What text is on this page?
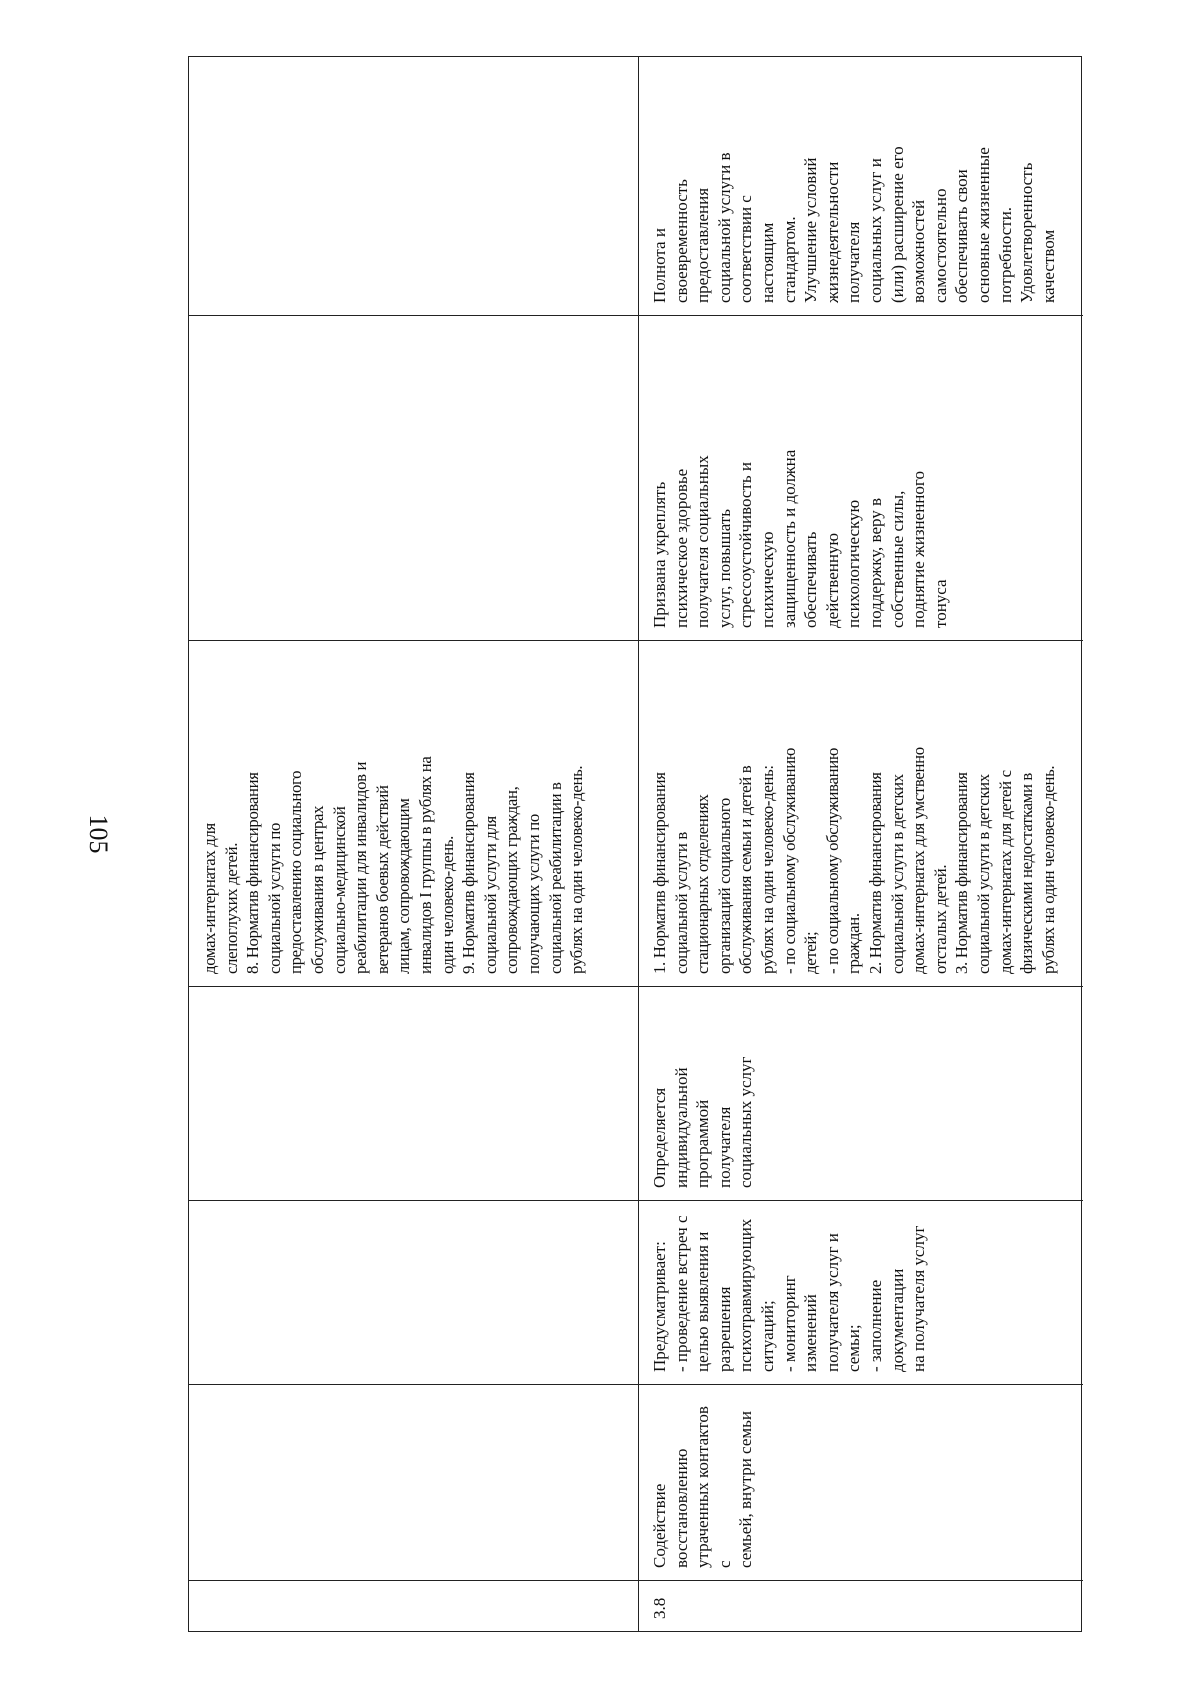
105
домах-интернатах для
слепоглухих детей.
8. Норматив финансирования
социальной услуги по
предоставлению социального
обслуживания в центрах
социально-медицинской
реабилитации для инвалидов и
ветеранов боевых действий
лицам, сопровождающим
инвалидов I группы в рублях на
один человеко-день.
9. Норматив финансирования
социальной услуги для
сопровождающих граждан,
получающих услуги по
социальной реабилитации в
рублях на один человеко-день.
3.8
Содействие
восстановлению
утраченных контактов с
семьей, внутри семьи
Предусматривает:
- проведение встреч с
целью выявления и
разрешения
психотравмирующих
ситуаций;
- мониторинг изменений
получателя услуг и семьи;
- заполнение документации
на получателя услуг
Определяется
индивидуальной
программой
получателя
социальных услуг
1. Норматив финансирования
социальной услуги в
стационарных отделениях
организаций социального
обслуживания семьи и детей в
рублях на один человеко-день:
- по социальному обслуживанию
детей;
- по социальному обслуживанию
граждан.
2. Норматив финансирования
социальной услуги в детских
домах-интернатах для умственно
отсталых детей.
3. Норматив финансирования
социальной услуги в детских
домах-интернатах для детей с
физическими недостатками в
рублях на один человеко-день.
Призвана укреплять
психическое здоровье
получателя социальных
услуг, повышать
стрессоустойчивость и
психическую
защищенность и должна
обеспечивать
действенную
психологическую
поддержку, веру в
собственные силы,
поднятие жизненного
тонуса
Полнота и
своевременность
предоставления
социальной услуги в
соответствии с
настоящим
стандартом.
Улучшение условий
жизнедеятельности
получателя
социальных услуг и
(или) расширение его
возможностей
самостоятельно
обеспечивать свои
основные жизненные
потребности.
Удовлетворенность
качеством
